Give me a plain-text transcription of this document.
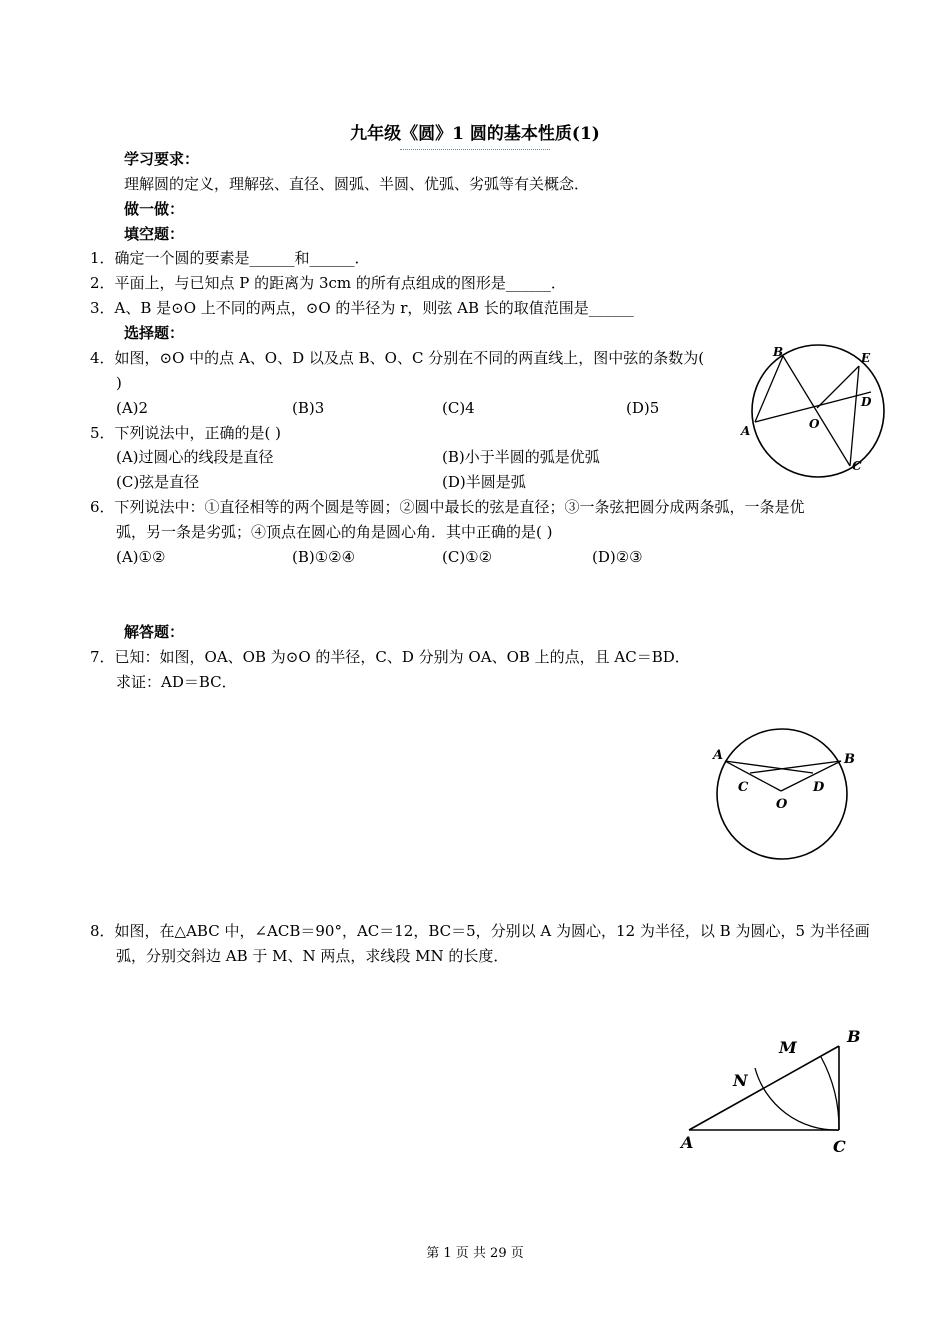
九年级《圆》1 圆的基本性质(1)
学习要求：
理解圆的定义，理解弦、直径、圆弧、半圆、优弧、劣弧等有关概念．
做一做：
填空题：
1．确定一个圆的要素是______和______．
2．平面上，与已知点 P 的距离为 3cm 的所有点组成的图形是______．
3．A、B 是⊙O 上不同的两点，⊙O 的半径为 r，则弦 AB 长的取值范围是______
选择题：
4．如图，⊙O 中的点 A、O、D 以及点 B、O、C 分别在不同的两直线上，图中弦的条数为(
)
(A)2	(B)3	(C)4	(D)5
5．下列说法中，正确的是( )
(A)过圆心的线段是直径	(B)小于半圆的弧是优弧
(C)弦是直径	(D)半圆是弧
6．下列说法中：①直径相等的两个圆是等圆；②圆中最长的弦是直径；③一条弦把圆分成两条弧，一条是优
弧，另一条是劣弧；④顶点在圆心的角是圆心角．其中正确的是( )
(A)①②	(B)①②④	(C)①②	(D)②③
解答题：
7．已知：如图，OA、OB 为⊙O 的半径，C、D 分别为 OA、OB 上的点，且 AC＝BD．
求证：AD＝BC．
8．如图，在△ABC 中，∠ACB＝90°，AC＝12，BC＝5，分别以 A 为圆心，12 为半径，以 B 为圆心，5 为半径画
弧，分别交斜边 AB 于 M、N 两点，求线段 MN 的长度．
B	E
D
O
A
C
A	B
C	D
O
M
B
N
A	C
第 1 页 共 29 页
